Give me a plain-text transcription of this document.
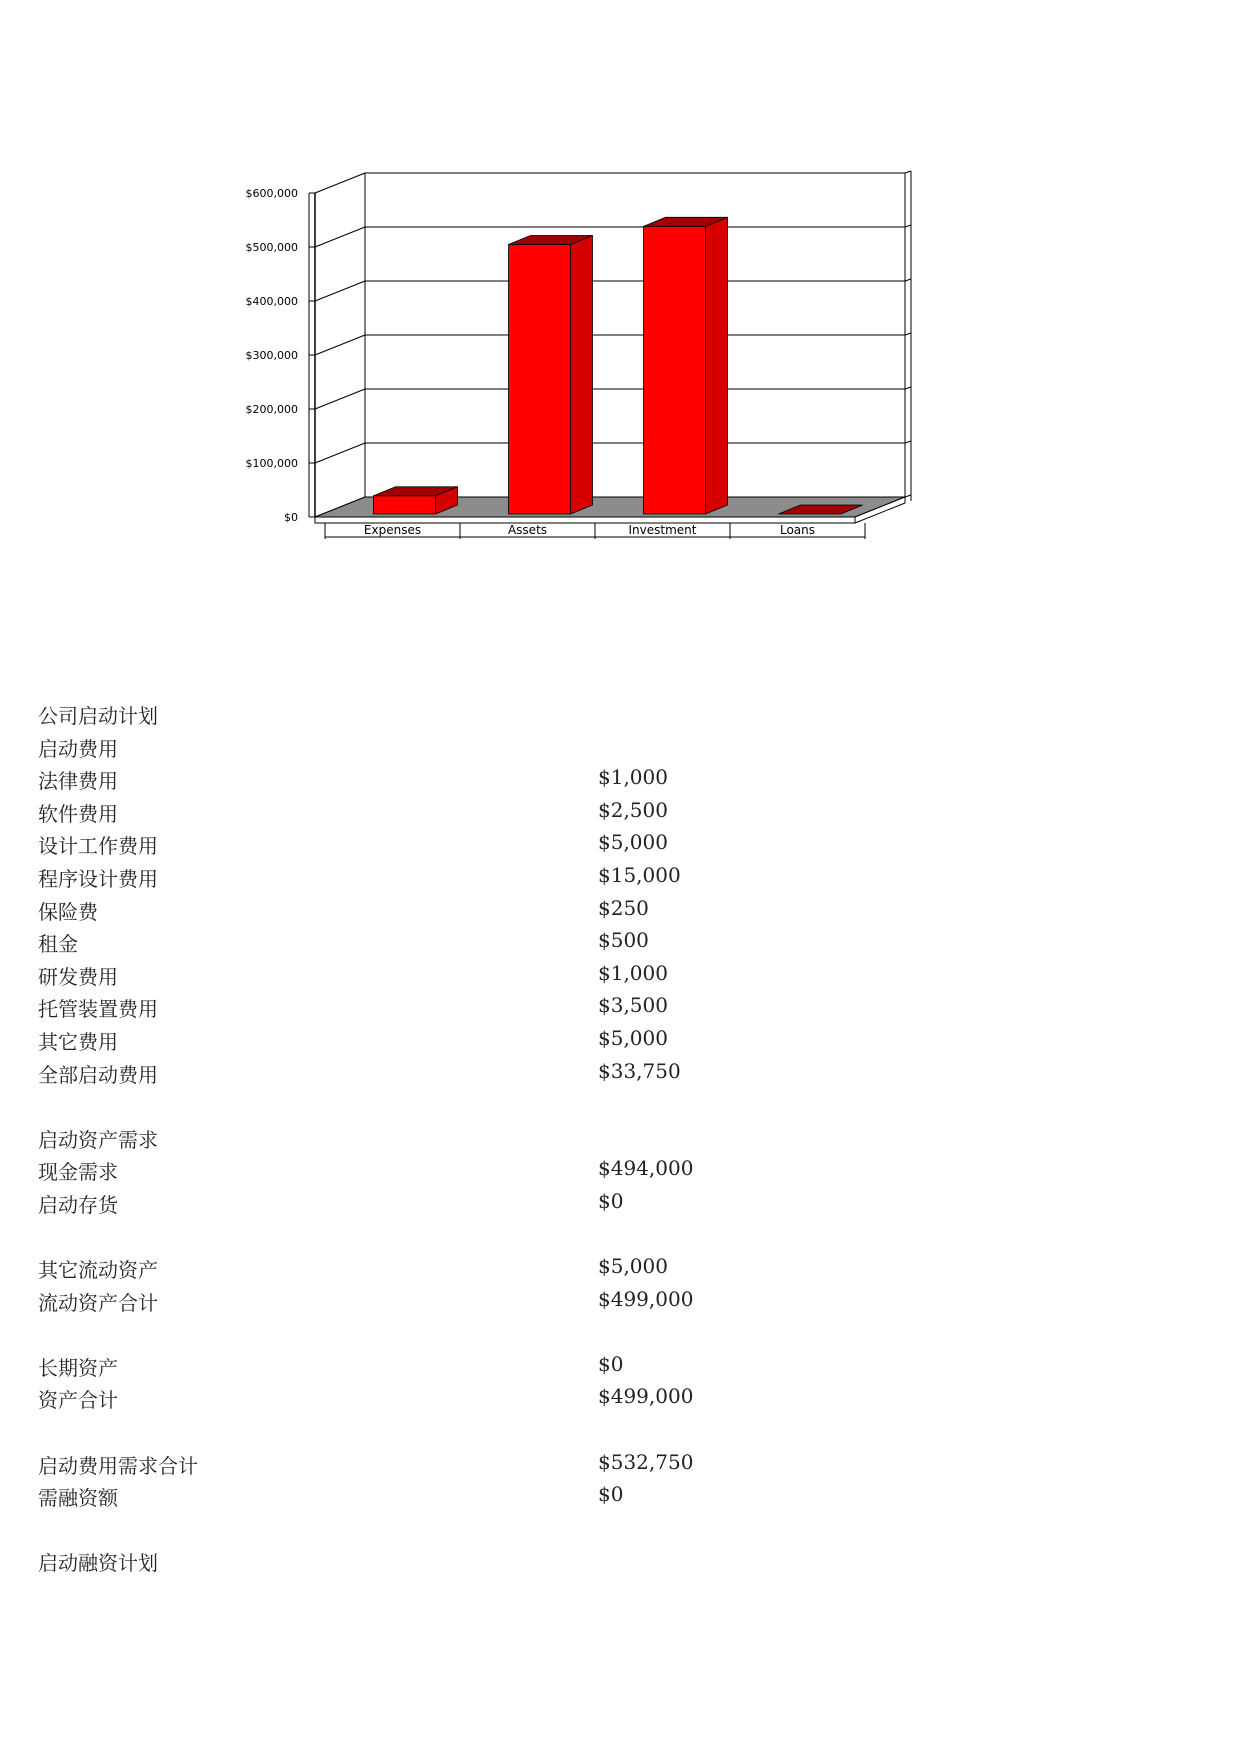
$600,000
$500,000
$400,000
$300,000
$200,000
$100,000
$0
Expenses	Assets	Investment	Loans
公司启动计划
启动费用
法律费用	$1,000
软件费用	$2,500
设计工作费用	$5,000
程序设计费用	$15,000
保险费	$250
租金	$500
研发费用	$1,000
托管装置费用	$3,500
其它费用	$5,000
全部启动费用	$33,750
启动资产需求
现金需求	$494,000
启动存货	$0
其它流动资产	$5,000
流动资产合计	$499,000
长期资产	$0
资产合计	$499,000
启动费用需求合计	$532,750
需融资额	$0
启动融资计划
